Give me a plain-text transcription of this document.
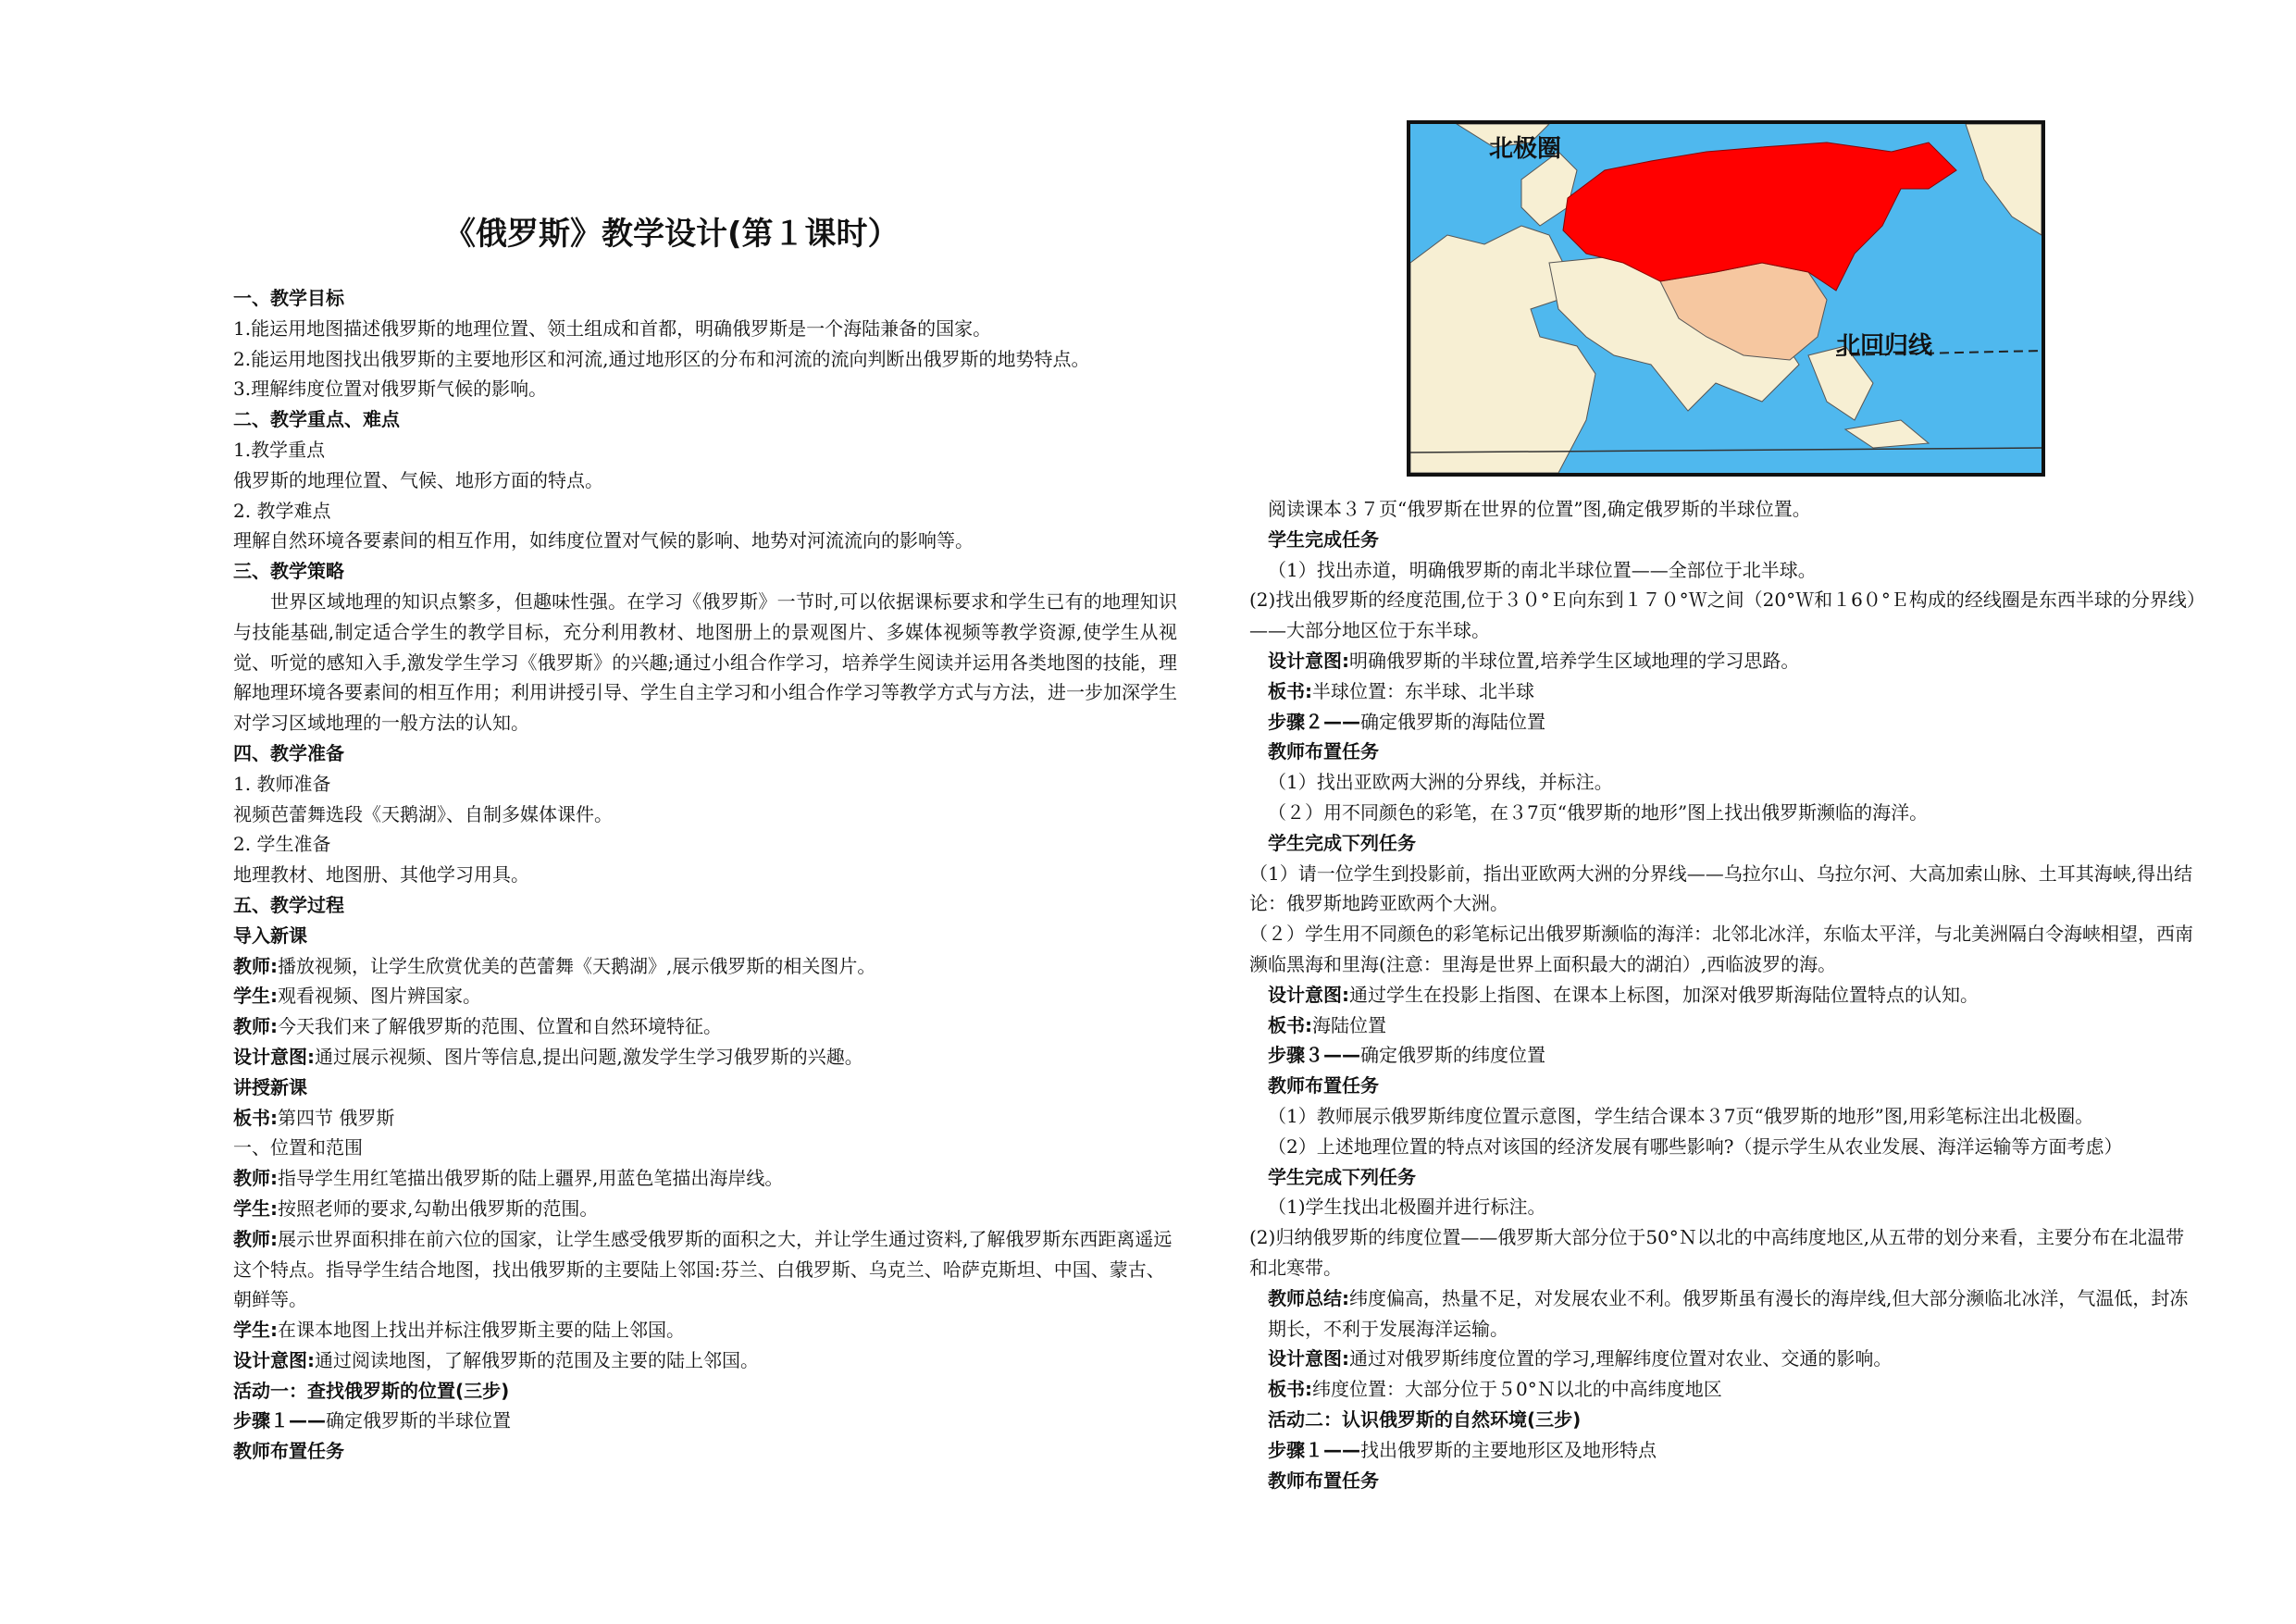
《俄罗斯》教学设计(第１课时）
一、教学目标
1.能运用地图描述俄罗斯的地理位置、领土组成和首都，明确俄罗斯是一个海陆兼备的国家。
2.能运用地图找出俄罗斯的主要地形区和河流,通过地形区的分布和河流的流向判断出俄罗斯的地势特点。
3.理解纬度位置对俄罗斯气候的影响。
二、教学重点、难点
1.教学重点
俄罗斯的地理位置、气候、地形方面的特点。
2. 教学难点
理解自然环境各要素间的相互作用，如纬度位置对气候的影响、地势对河流流向的影响等。
三、教学策略
世界区域地理的知识点繁多，但趣味性强。在学习《俄罗斯》一节时,可以依据课标要求和学生已有的地理知识与技能基础,制定适合学生的教学目标，充分利用教材、地图册上的景观图片、多媒体视频等教学资源,使学生从视觉、听觉的感知入手,激发学生学习《俄罗斯》的兴趣;通过小组合作学习，培养学生阅读并运用各类地图的技能，理解地理环境各要素间的相互作用；利用讲授引导、学生自主学习和小组合作学习等教学方式与方法，进一步加深学生对学习区域地理的一般方法的认知。
四、教学准备
1. 教师准备
视频芭蕾舞选段《天鹅湖》、自制多媒体课件。
2. 学生准备
地理教材、地图册、其他学习用具。
五、教学过程
导入新课
教师:播放视频，让学生欣赏优美的芭蕾舞《天鹅湖》,展示俄罗斯的相关图片。
学生:观看视频、图片辨国家。
教师:今天我们来了解俄罗斯的范围、位置和自然环境特征。
设计意图:通过展示视频、图片等信息,提出问题,激发学生学习俄罗斯的兴趣。
讲授新课
板书:第四节 俄罗斯
一、位置和范围
教师:指导学生用红笔描出俄罗斯的陆上疆界,用蓝色笔描出海岸线。
学生:按照老师的要求,勾勒出俄罗斯的范围。
教师:展示世界面积排在前六位的国家，让学生感受俄罗斯的面积之大，并让学生通过资料,了解俄罗斯东西距离遥远这个特点。指导学生结合地图，找出俄罗斯的主要陆上邻国:芬兰、白俄罗斯、乌克兰、哈萨克斯坦、中国、蒙古、朝鲜等。
学生:在课本地图上找出并标注俄罗斯主要的陆上邻国。
设计意图:通过阅读地图，了解俄罗斯的范围及主要的陆上邻国。
活动一：查找俄罗斯的位置(三步)
步骤１——确定俄罗斯的半球位置
教师布置任务
阅读课本３７页“俄罗斯在世界的位置”图,确定俄罗斯的半球位置。
学生完成任务
（1）找出赤道，明确俄罗斯的南北半球位置——全部位于北半球。
(2)找出俄罗斯的经度范围,位于３０°Ｅ向东到１７０°Ｗ之间（20°Ｗ和１6０°Ｅ构成的经线圈是东西半球的分界线）——大部分地区位于东半球。
设计意图:明确俄罗斯的半球位置,培养学生区域地理的学习思路。
板书:半球位置：东半球、北半球
步骤２——确定俄罗斯的海陆位置
教师布置任务
（1）找出亚欧两大洲的分界线，并标注。
（２）用不同颜色的彩笔，在３7页“俄罗斯的地形”图上找出俄罗斯濒临的海洋。
学生完成下列任务
（1）请一位学生到投影前，指出亚欧两大洲的分界线——乌拉尔山、乌拉尔河、大高加索山脉、土耳其海峡,得出结论：俄罗斯地跨亚欧两个大洲。
（２）学生用不同颜色的彩笔标记出俄罗斯濒临的海洋：北邻北冰洋，东临太平洋，与北美洲隔白令海峡相望，西南濒临黑海和里海(注意：里海是世界上面积最大的湖泊）,西临波罗的海。
设计意图:通过学生在投影上指图、在课本上标图，加深对俄罗斯海陆位置特点的认知。
板书:海陆位置
步骤３——确定俄罗斯的纬度位置
教师布置任务
（1）教师展示俄罗斯纬度位置示意图，学生结合课本３7页“俄罗斯的地形”图,用彩笔标注出北极圈。
（2）上述地理位置的特点对该国的经济发展有哪些影响?（提示学生从农业发展、海洋运输等方面考虑）
学生完成下列任务
（1)学生找出北极圈并进行标注。
(2)归纳俄罗斯的纬度位置——俄罗斯大部分位于50°Ｎ以北的中高纬度地区,从五带的划分来看，主要分布在北温带和北寒带。
教师总结:纬度偏高，热量不足，对发展农业不利。俄罗斯虽有漫长的海岸线,但大部分濒临北冰洋，气温低，封冻期长，不利于发展海洋运输。
设计意图:通过对俄罗斯纬度位置的学习,理解纬度位置对农业、交通的影响。
板书:纬度位置：大部分位于５0°Ｎ以北的中高纬度地区
活动二：认识俄罗斯的自然环境(三步)
步骤１——找出俄罗斯的主要地形区及地形特点
教师布置任务
北极圈
北回归线
